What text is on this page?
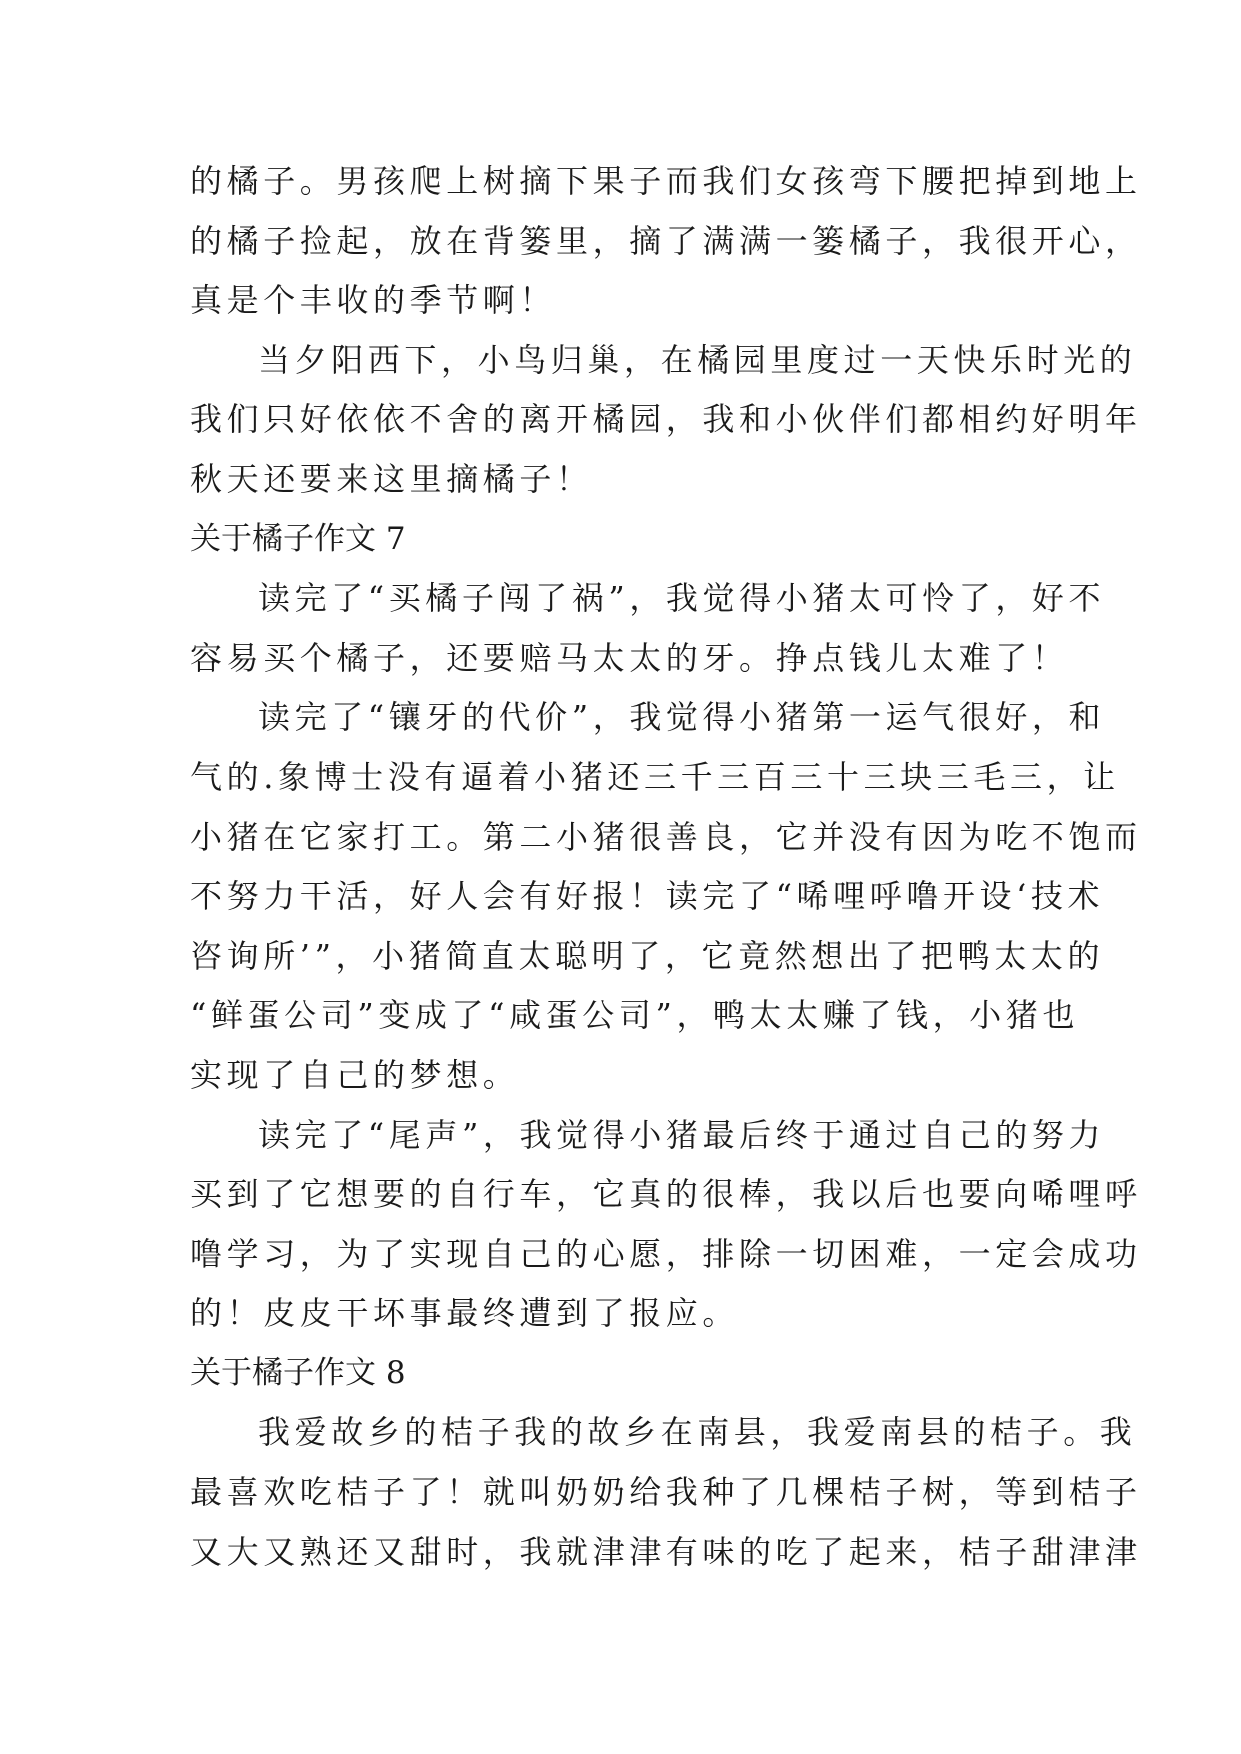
的橘子。男孩爬上树摘下果子而我们女孩弯下腰把掉到地上
的橘子捡起，放在背篓里，摘了满满一篓橘子，我很开心，
真是个丰收的季节啊！
当夕阳西下，小鸟归巢，在橘园里度过一天快乐时光的
我们只好依依不舍的离开橘园，我和小伙伴们都相约好明年
秋天还要来这里摘橘子！
关于橘子作文 7
读完了“买橘子闯了祸”，我觉得小猪太可怜了，好不
容易买个橘子，还要赔马太太的牙。挣点钱儿太难了！
读完了“镶牙的代价”，我觉得小猪第一运气很好，和
气的.象博士没有逼着小猪还三千三百三十三块三毛三，让
小猪在它家打工。第二小猪很善良，它并没有因为吃不饱而
不努力干活，好人会有好报！读完了“唏哩呼噜开设‘技术
咨询所’”，小猪简直太聪明了，它竟然想出了把鸭太太的
“鲜蛋公司”变成了“咸蛋公司”，鸭太太赚了钱，小猪也
实现了自己的梦想。
读完了“尾声”，我觉得小猪最后终于通过自己的努力
买到了它想要的自行车，它真的很棒，我以后也要向唏哩呼
噜学习，为了实现自己的心愿，排除一切困难，一定会成功
的！皮皮干坏事最终遭到了报应。
关于橘子作文 8
我爱故乡的桔子我的故乡在南县，我爱南县的桔子。我
最喜欢吃桔子了！就叫奶奶给我种了几棵桔子树，等到桔子
又大又熟还又甜时，我就津津有味的吃了起来，桔子甜津津
